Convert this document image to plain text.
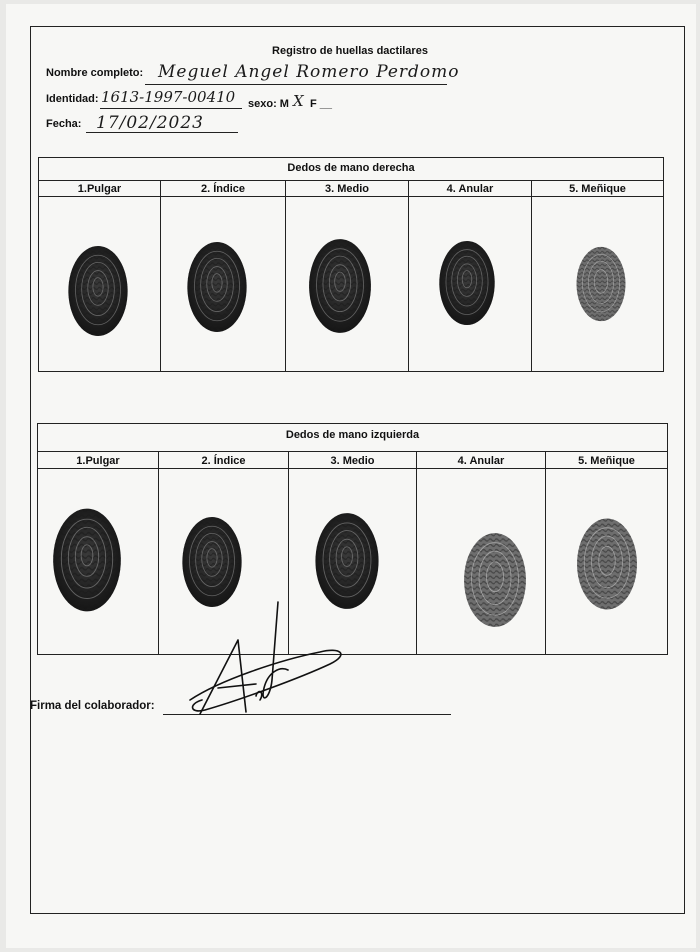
Registro de huellas dactilares
Nombre completo: Meguel Angel Romero Perdomo
Identidad: 1613-1997-00410 sexo: M X F __
Fecha: 17/02/2023
Dedos de mano derecha
1.Pulgar	2. Índice	3. Medio	4. Anular	5. Meñique
Dedos de mano izquierda
1.Pulgar	2. Índice	3. Medio	4. Anular	5. Meñique
Firma del colaborador:
